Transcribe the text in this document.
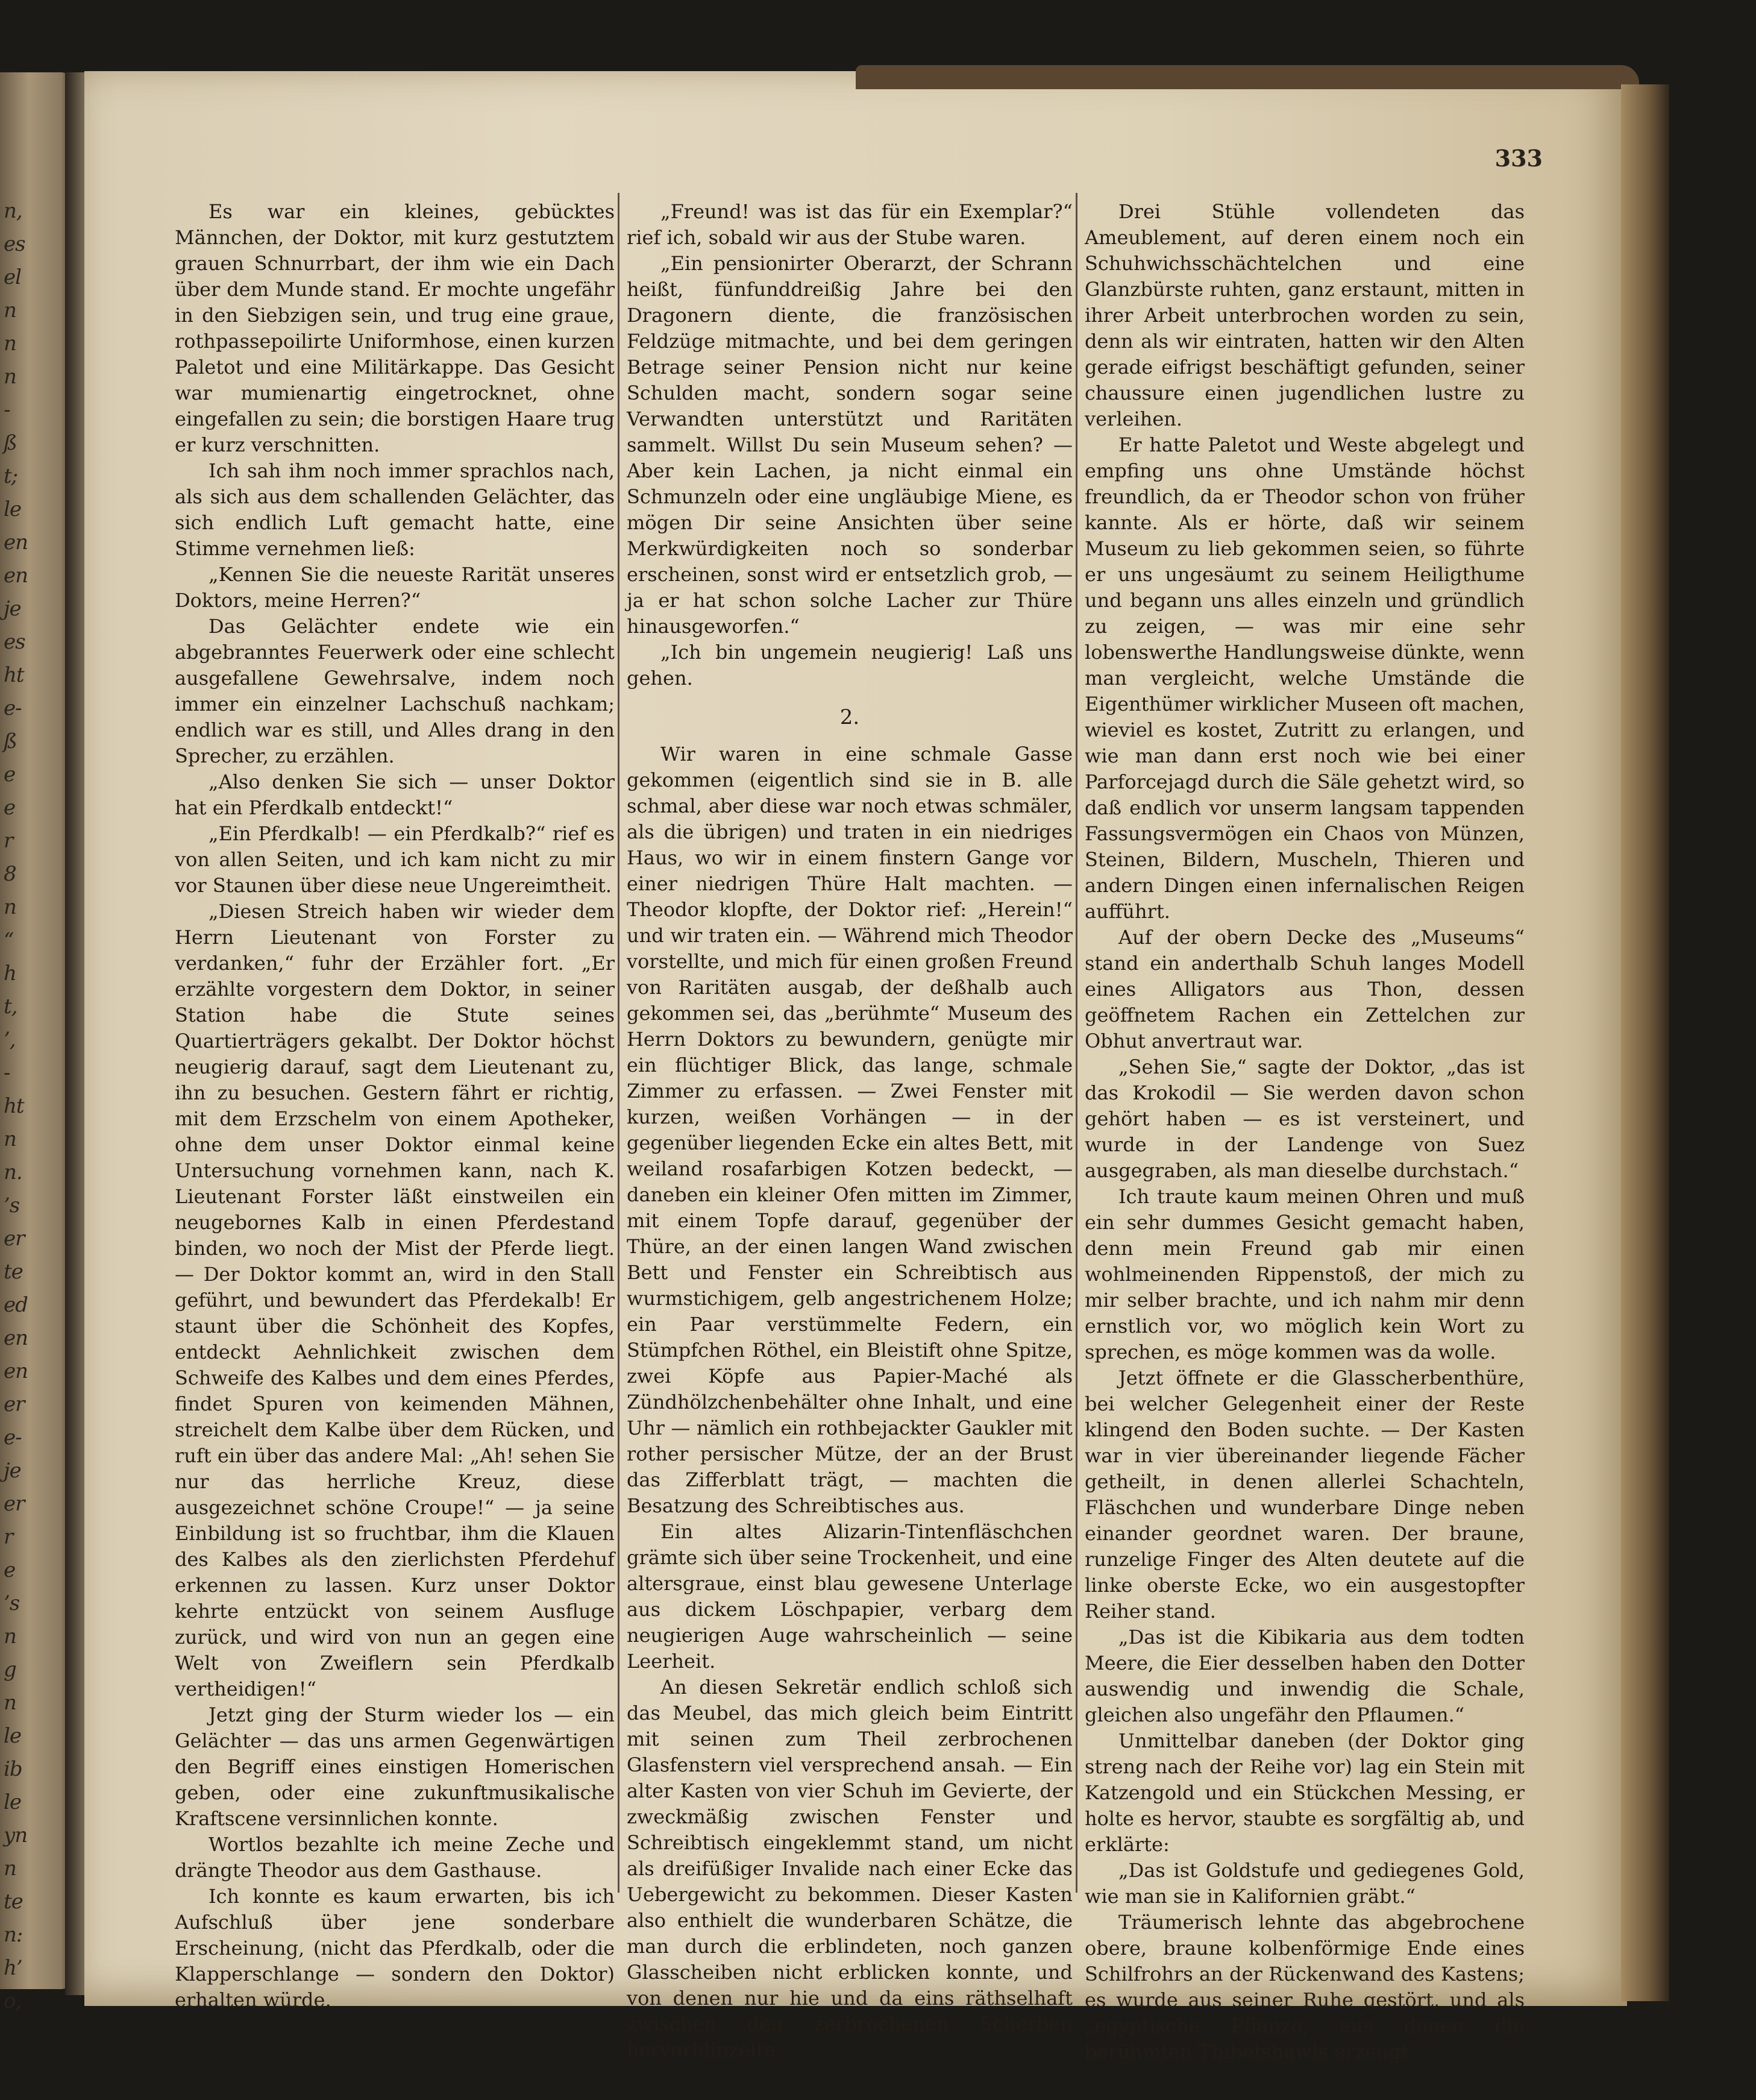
n,
es
el
n
n
n
-
ß
t;
le
en
en
je
es
ht
e-
ß
e
e
r
8
n
“
h
t,
’,
-
ht
n
n.
’s
er
te
ed
en
en
er
e-
je
er
r
e
’s
n
g
n
le
ib
le
yn
n
te
n:
h’
o,
333

Es war ein kleines, gebücktes Männchen, der Doktor, mit kurz gestutztem grauen Schnurrbart, der ihm wie ein Dach über dem Munde stand. Er mochte ungefähr in den Siebzigen sein, und trug eine graue, rothpassepoilirte Uniformhose, einen kurzen Paletot und eine Militärkappe. Das Gesicht war mumienartig eingetrocknet, ohne eingefallen zu sein; die borstigen Haare trug er kurz verschnitten.

Ich sah ihm noch immer sprachlos nach, als sich aus dem schallenden Gelächter, das sich endlich Luft gemacht hatte, eine Stimme vernehmen ließ:

„Kennen Sie die neueste Rarität unseres Doktors, meine Herren?“

Das Gelächter endete wie ein abgebranntes Feuerwerk oder eine schlecht ausgefallene Gewehrsalve, indem noch immer ein einzelner Lachschuß nachkam; endlich war es still, und Alles drang in den Sprecher, zu erzählen.

„Also denken Sie sich — unser Doktor hat ein Pferdkalb entdeckt!“

„Ein Pferdkalb! — ein Pferdkalb?“ rief es von allen Seiten, und ich kam nicht zu mir vor Staunen über diese neue Ungereimtheit.

„Diesen Streich haben wir wieder dem Herrn Lieutenant von Forster zu verdanken,“ fuhr der Erzähler fort. „Er erzählte vorgestern dem Doktor, in seiner Station habe die Stute seines Quartierträgers gekalbt. Der Doktor höchst neugierig darauf, sagt dem Lieutenant zu, ihn zu besuchen. Gestern fährt er richtig, mit dem Erzschelm von einem Apotheker, ohne dem unser Doktor einmal keine Untersuchung vornehmen kann, nach K. Lieutenant Forster läßt einstweilen ein neugebornes Kalb in einen Pferdestand binden, wo noch der Mist der Pferde liegt. — Der Doktor kommt an, wird in den Stall geführt, und bewundert das Pferdekalb! Er staunt über die Schönheit des Kopfes, entdeckt Aehnlichkeit zwischen dem Schweife des Kalbes und dem eines Pferdes, findet Spuren von keimenden Mähnen, streichelt dem Kalbe über dem Rücken, und ruft ein über das andere Mal: „Ah! sehen Sie nur das herrliche Kreuz, diese ausgezeichnet schöne Croupe!“ — ja seine Einbildung ist so fruchtbar, ihm die Klauen des Kalbes als den zierlichsten Pferdehuf erkennen zu lassen. Kurz unser Doktor kehrte entzückt von seinem Ausfluge zurück, und wird von nun an gegen eine Welt von Zweiflern sein Pferdkalb vertheidigen!“

Jetzt ging der Sturm wieder los — ein Gelächter — das uns armen Gegenwärtigen den Begriff eines einstigen Homerischen geben, oder eine zukunftmusikalische Kraftscene versinnlichen konnte.

Wortlos bezahlte ich meine Zeche und drängte Theodor aus dem Gasthause.

Ich konnte es kaum erwarten, bis ich Aufschluß über jene sonderbare Erscheinung, (nicht das Pferdkalb, oder die Klapperschlange — sondern den Doktor) erhalten würde.

„Freund! was ist das für ein Exemplar?“ rief ich, sobald wir aus der Stube waren.

„Ein pensionirter Oberarzt, der Schrann heißt, fünfunddreißig Jahre bei den Dragonern diente, die französischen Feldzüge mitmachte, und bei dem geringen Betrage seiner Pension nicht nur keine Schulden macht, sondern sogar seine Verwandten unterstützt und Raritäten sammelt. Willst Du sein Museum sehen? — Aber kein Lachen, ja nicht einmal ein Schmunzeln oder eine ungläubige Miene, es mögen Dir seine Ansichten über seine Merkwürdigkeiten noch so sonderbar erscheinen, sonst wird er entsetzlich grob, — ja er hat schon solche Lacher zur Thüre hinausgeworfen.“

„Ich bin ungemein neugierig! Laß uns gehen.

2.

Wir waren in eine schmale Gasse gekommen (eigentlich sind sie in B. alle schmal, aber diese war noch etwas schmäler, als die übrigen) und traten in ein niedriges Haus, wo wir in einem finstern Gange vor einer niedrigen Thüre Halt machten. — Theodor klopfte, der Doktor rief: „Herein!“ und wir traten ein. — Während mich Theodor vorstellte, und mich für einen großen Freund von Raritäten ausgab, der deßhalb auch gekommen sei, das „berühmte“ Museum des Herrn Doktors zu bewundern, genügte mir ein flüchtiger Blick, das lange, schmale Zimmer zu erfassen. — Zwei Fenster mit kurzen, weißen Vorhängen — in der gegenüber liegenden Ecke ein altes Bett, mit weiland rosafarbigen Kotzen bedeckt, — daneben ein kleiner Ofen mitten im Zimmer, mit einem Topfe darauf, gegenüber der Thüre, an der einen langen Wand zwischen Bett und Fenster ein Schreibtisch aus wurmstichigem, gelb angestrichenem Holze; ein Paar verstümmelte Federn, ein Stümpfchen Röthel, ein Bleistift ohne Spitze, zwei Köpfe aus Papier-Maché als Zündhölzchenbehälter ohne Inhalt, und eine Uhr — nämlich ein rothbejackter Gaukler mit rother persischer Mütze, der an der Brust das Zifferblatt trägt, — machten die Besatzung des Schreibtisches aus.

Ein altes Alizarin-Tintenfläschchen grämte sich über seine Trockenheit, und eine altersgraue, einst blau gewesene Unterlage aus dickem Löschpapier, verbarg dem neugierigen Auge wahrscheinlich — seine Leerheit.

An diesen Sekretär endlich schloß sich das Meubel, das mich gleich beim Eintritt mit seinen zum Theil zerbrochenen Glasfenstern viel versprechend ansah. — Ein alter Kasten von vier Schuh im Gevierte, der zweckmäßig zwischen Fenster und Schreibtisch eingeklemmt stand, um nicht als dreifüßiger Invalide nach einer Ecke das Uebergewicht zu bekommen. Dieser Kasten also enthielt die wunderbaren Schätze, die man durch die erblindeten, noch ganzen Glasscheiben nicht erblicken konnte, und von denen nur hie und da eins räthselhaft zwischen den zerbrochenen Scherben hervorblinzelte.

Drei Stühle vollendeten das Ameublement, auf deren einem noch ein Schuhwichsschächtelchen und eine Glanzbürste ruhten, ganz erstaunt, mitten in ihrer Arbeit unterbrochen worden zu sein, denn als wir eintraten, hatten wir den Alten gerade eifrigst beschäftigt gefunden, seiner chaussure einen jugendlichen lustre zu verleihen.

Er hatte Paletot und Weste abgelegt und empfing uns ohne Umstände höchst freundlich, da er Theodor schon von früher kannte. Als er hörte, daß wir seinem Museum zu lieb gekommen seien, so führte er uns ungesäumt zu seinem Heiligthume und begann uns alles einzeln und gründlich zu zeigen, — was mir eine sehr lobenswerthe Handlungsweise dünkte, wenn man vergleicht, welche Umstände die Eigenthümer wirklicher Museen oft machen, wieviel es kostet, Zutritt zu erlangen, und wie man dann erst noch wie bei einer Parforcejagd durch die Säle gehetzt wird, so daß endlich vor unserm langsam tappenden Fassungsvermögen ein Chaos von Münzen, Steinen, Bildern, Muscheln, Thieren und andern Dingen einen infernalischen Reigen aufführt.

Auf der obern Decke des „Museums“ stand ein anderthalb Schuh langes Modell eines Alligators aus Thon, dessen geöffnetem Rachen ein Zettelchen zur Obhut anvertraut war.

„Sehen Sie,“ sagte der Doktor, „das ist das Krokodil — Sie werden davon schon gehört haben — es ist versteinert, und wurde in der Landenge von Suez ausgegraben, als man dieselbe durchstach.“

Ich traute kaum meinen Ohren und muß ein sehr dummes Gesicht gemacht haben, denn mein Freund gab mir einen wohlmeinenden Rippenstoß, der mich zu mir selber brachte, und ich nahm mir denn ernstlich vor, wo möglich kein Wort zu sprechen, es möge kommen was da wolle.

Jetzt öffnete er die Glasscherbenthüre, bei welcher Gelegenheit einer der Reste klingend den Boden suchte. — Der Kasten war in vier übereinander liegende Fächer getheilt, in denen allerlei Schachteln, Fläschchen und wunderbare Dinge neben einander geordnet waren. Der braune, runzelige Finger des Alten deutete auf die linke oberste Ecke, wo ein ausgestopfter Reiher stand.

„Das ist die Kibikaria aus dem todten Meere, die Eier desselben haben den Dotter auswendig und inwendig die Schale, gleichen also ungefähr den Pflaumen.“

Unmittelbar daneben (der Doktor ging streng nach der Reihe vor) lag ein Stein mit Katzengold und ein Stückchen Messing, er holte es hervor, staubte es sorgfältig ab, und erklärte:

„Das ist Goldstufe und gediegenes Gold, wie man sie in Kalifornien gräbt.“

Träumerisch lehnte das abgebrochene obere, braune kolbenförmige Ende eines Schilfrohrs an der Rückenwand des Kastens; es wurde aus seiner Ruhe gestört, und als „egyptische Pflanze, aus denen die berühmten Thibetshawls erzeugt
